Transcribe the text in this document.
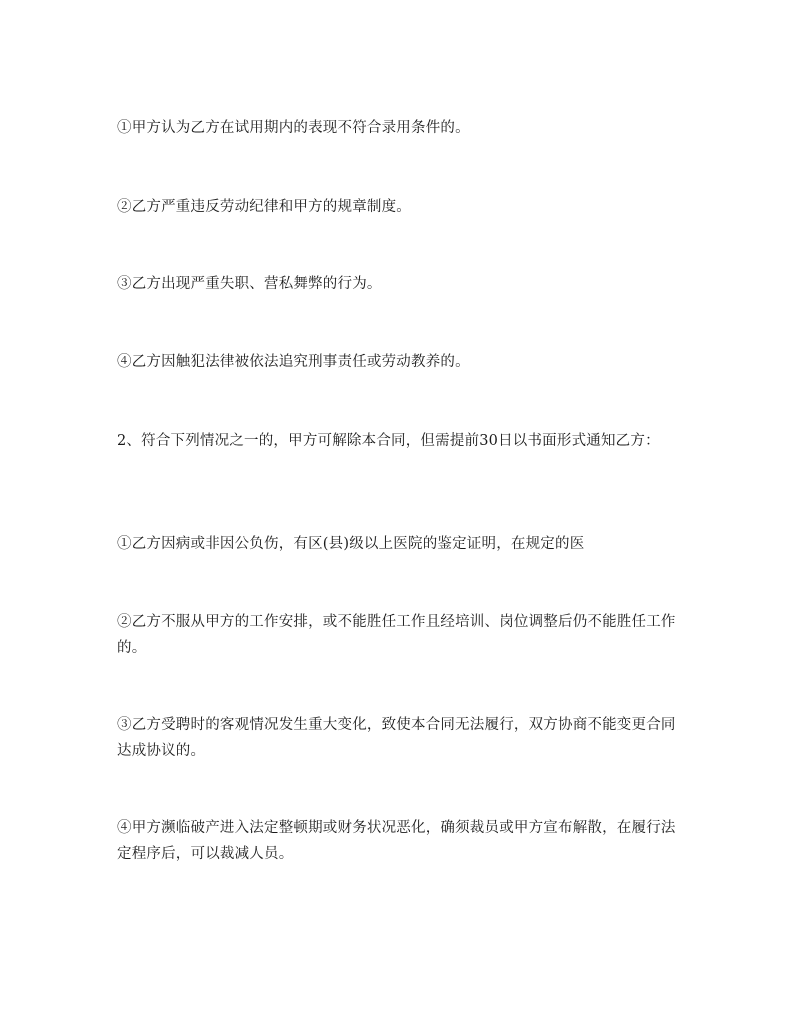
①甲方认为乙方在试用期内的表现不符合录用条件的。

②乙方严重违反劳动纪律和甲方的规章制度。

③乙方出现严重失职、营私舞弊的行为。

④乙方因触犯法律被依法追究刑事责任或劳动教养的。

2、符合下列情况之一的，甲方可解除本合同，但需提前30日以书面形式通知乙方：

①乙方因病或非因公负伤，有区(县)级以上医院的鉴定证明，在规定的医

②乙方不服从甲方的工作安排，或不能胜任工作且经培训、岗位调整后仍不能胜任工作的。

③乙方受聘时的客观情况发生重大变化，致使本合同无法履行，双方协商不能变更合同达成协议的。

④甲方濒临破产进入法定整顿期或财务状况恶化，确须裁员或甲方宣布解散，在履行法定程序后，可以裁减人员。
